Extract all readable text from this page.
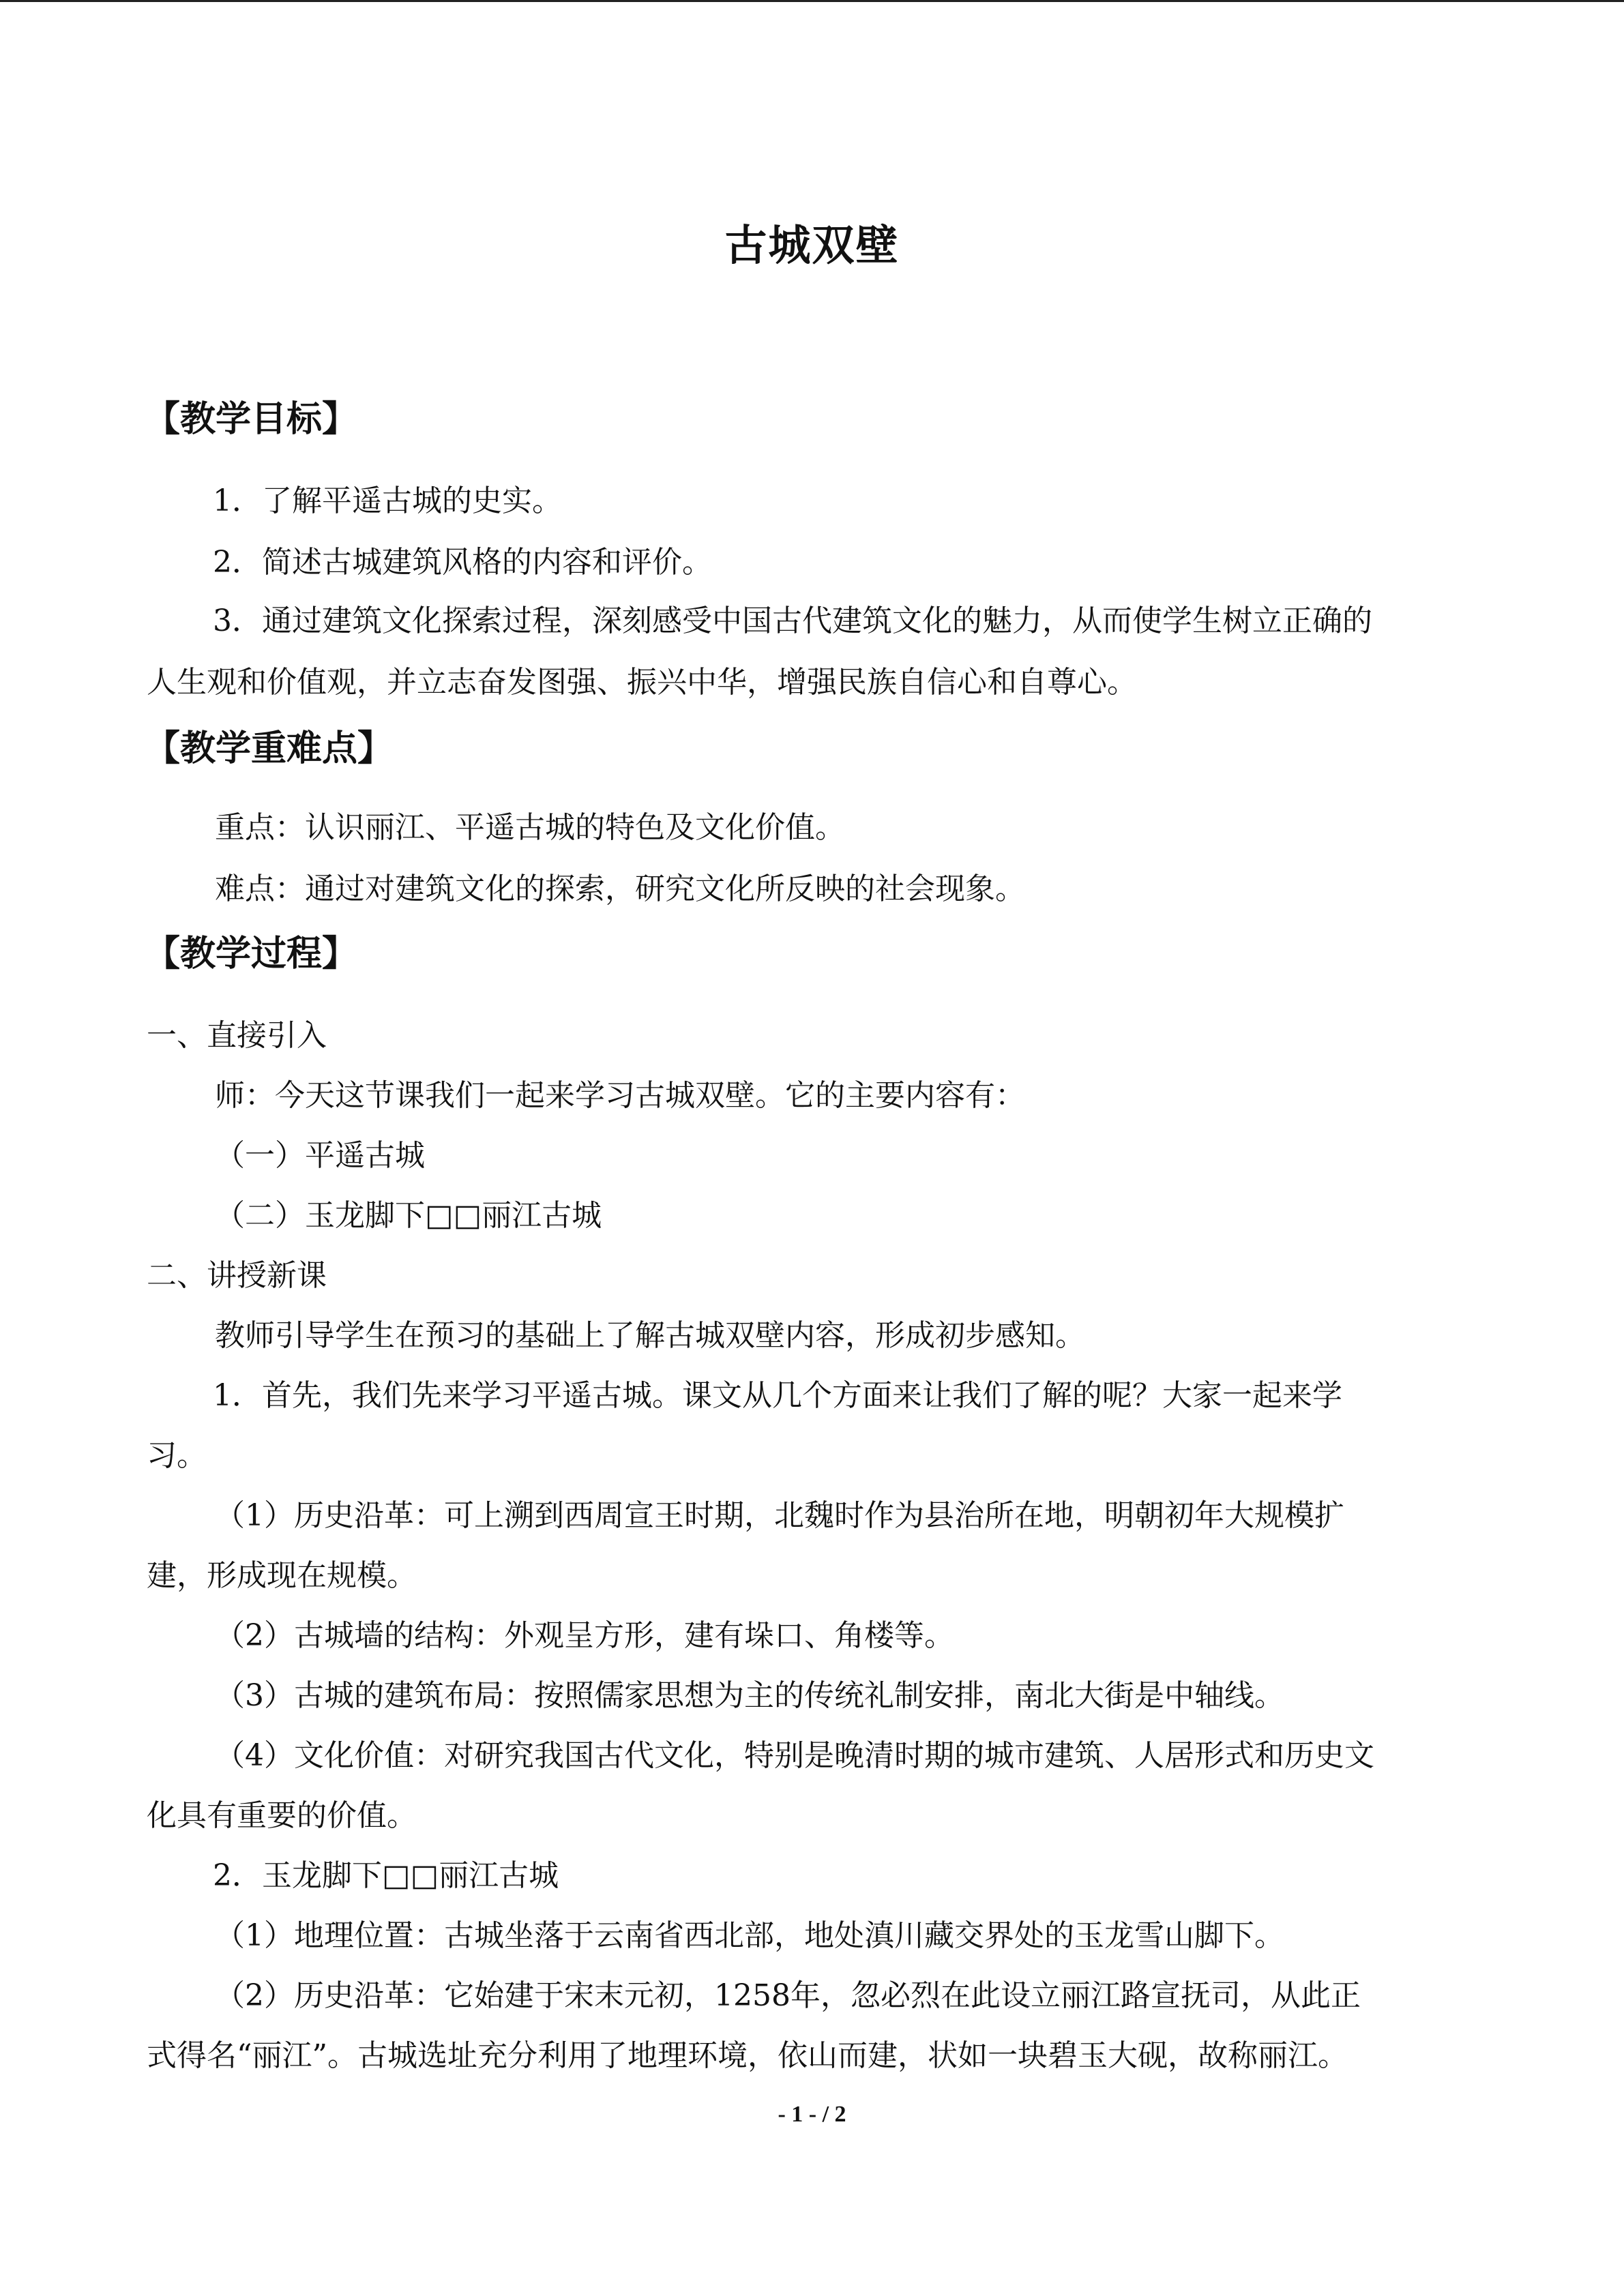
古城双壁
【教学目标】
1．了解平遥古城的史实。
2．简述古城建筑风格的内容和评价。
3．通过建筑文化探索过程，深刻感受中国古代建筑文化的魅力，从而使学生树立正确的
人生观和价值观，并立志奋发图强、振兴中华，增强民族自信心和自尊心。
【教学重难点】
重点：认识丽江、平遥古城的特色及文化价值。
难点：通过对建筑文化的探索，研究文化所反映的社会现象。
【教学过程】
一、直接引入
师：今天这节课我们一起来学习古城双壁。它的主要内容有：
（一）平遥古城
（二）玉龙脚下□□丽江古城
二、讲授新课
教师引导学生在预习的基础上了解古城双壁内容，形成初步感知。
1．首先，我们先来学习平遥古城。课文从几个方面来让我们了解的呢？大家一起来学
习。
（1）历史沿革：可上溯到西周宣王时期，北魏时作为县治所在地，明朝初年大规模扩
建，形成现在规模。
（2）古城墙的结构：外观呈方形，建有垛口、角楼等。
（3）古城的建筑布局：按照儒家思想为主的传统礼制安排，南北大街是中轴线。
（4）文化价值：对研究我国古代文化，特别是晚清时期的城市建筑、人居形式和历史文
化具有重要的价值。
2．玉龙脚下□□丽江古城
（1）地理位置：古城坐落于云南省西北部，地处滇川藏交界处的玉龙雪山脚下。
（2）历史沿革：它始建于宋末元初，1258年，忽必烈在此设立丽江路宣抚司，从此正
式得名“丽江”。古城选址充分利用了地理环境，依山而建，状如一块碧玉大砚，故称丽江。
- 1 - / 2
